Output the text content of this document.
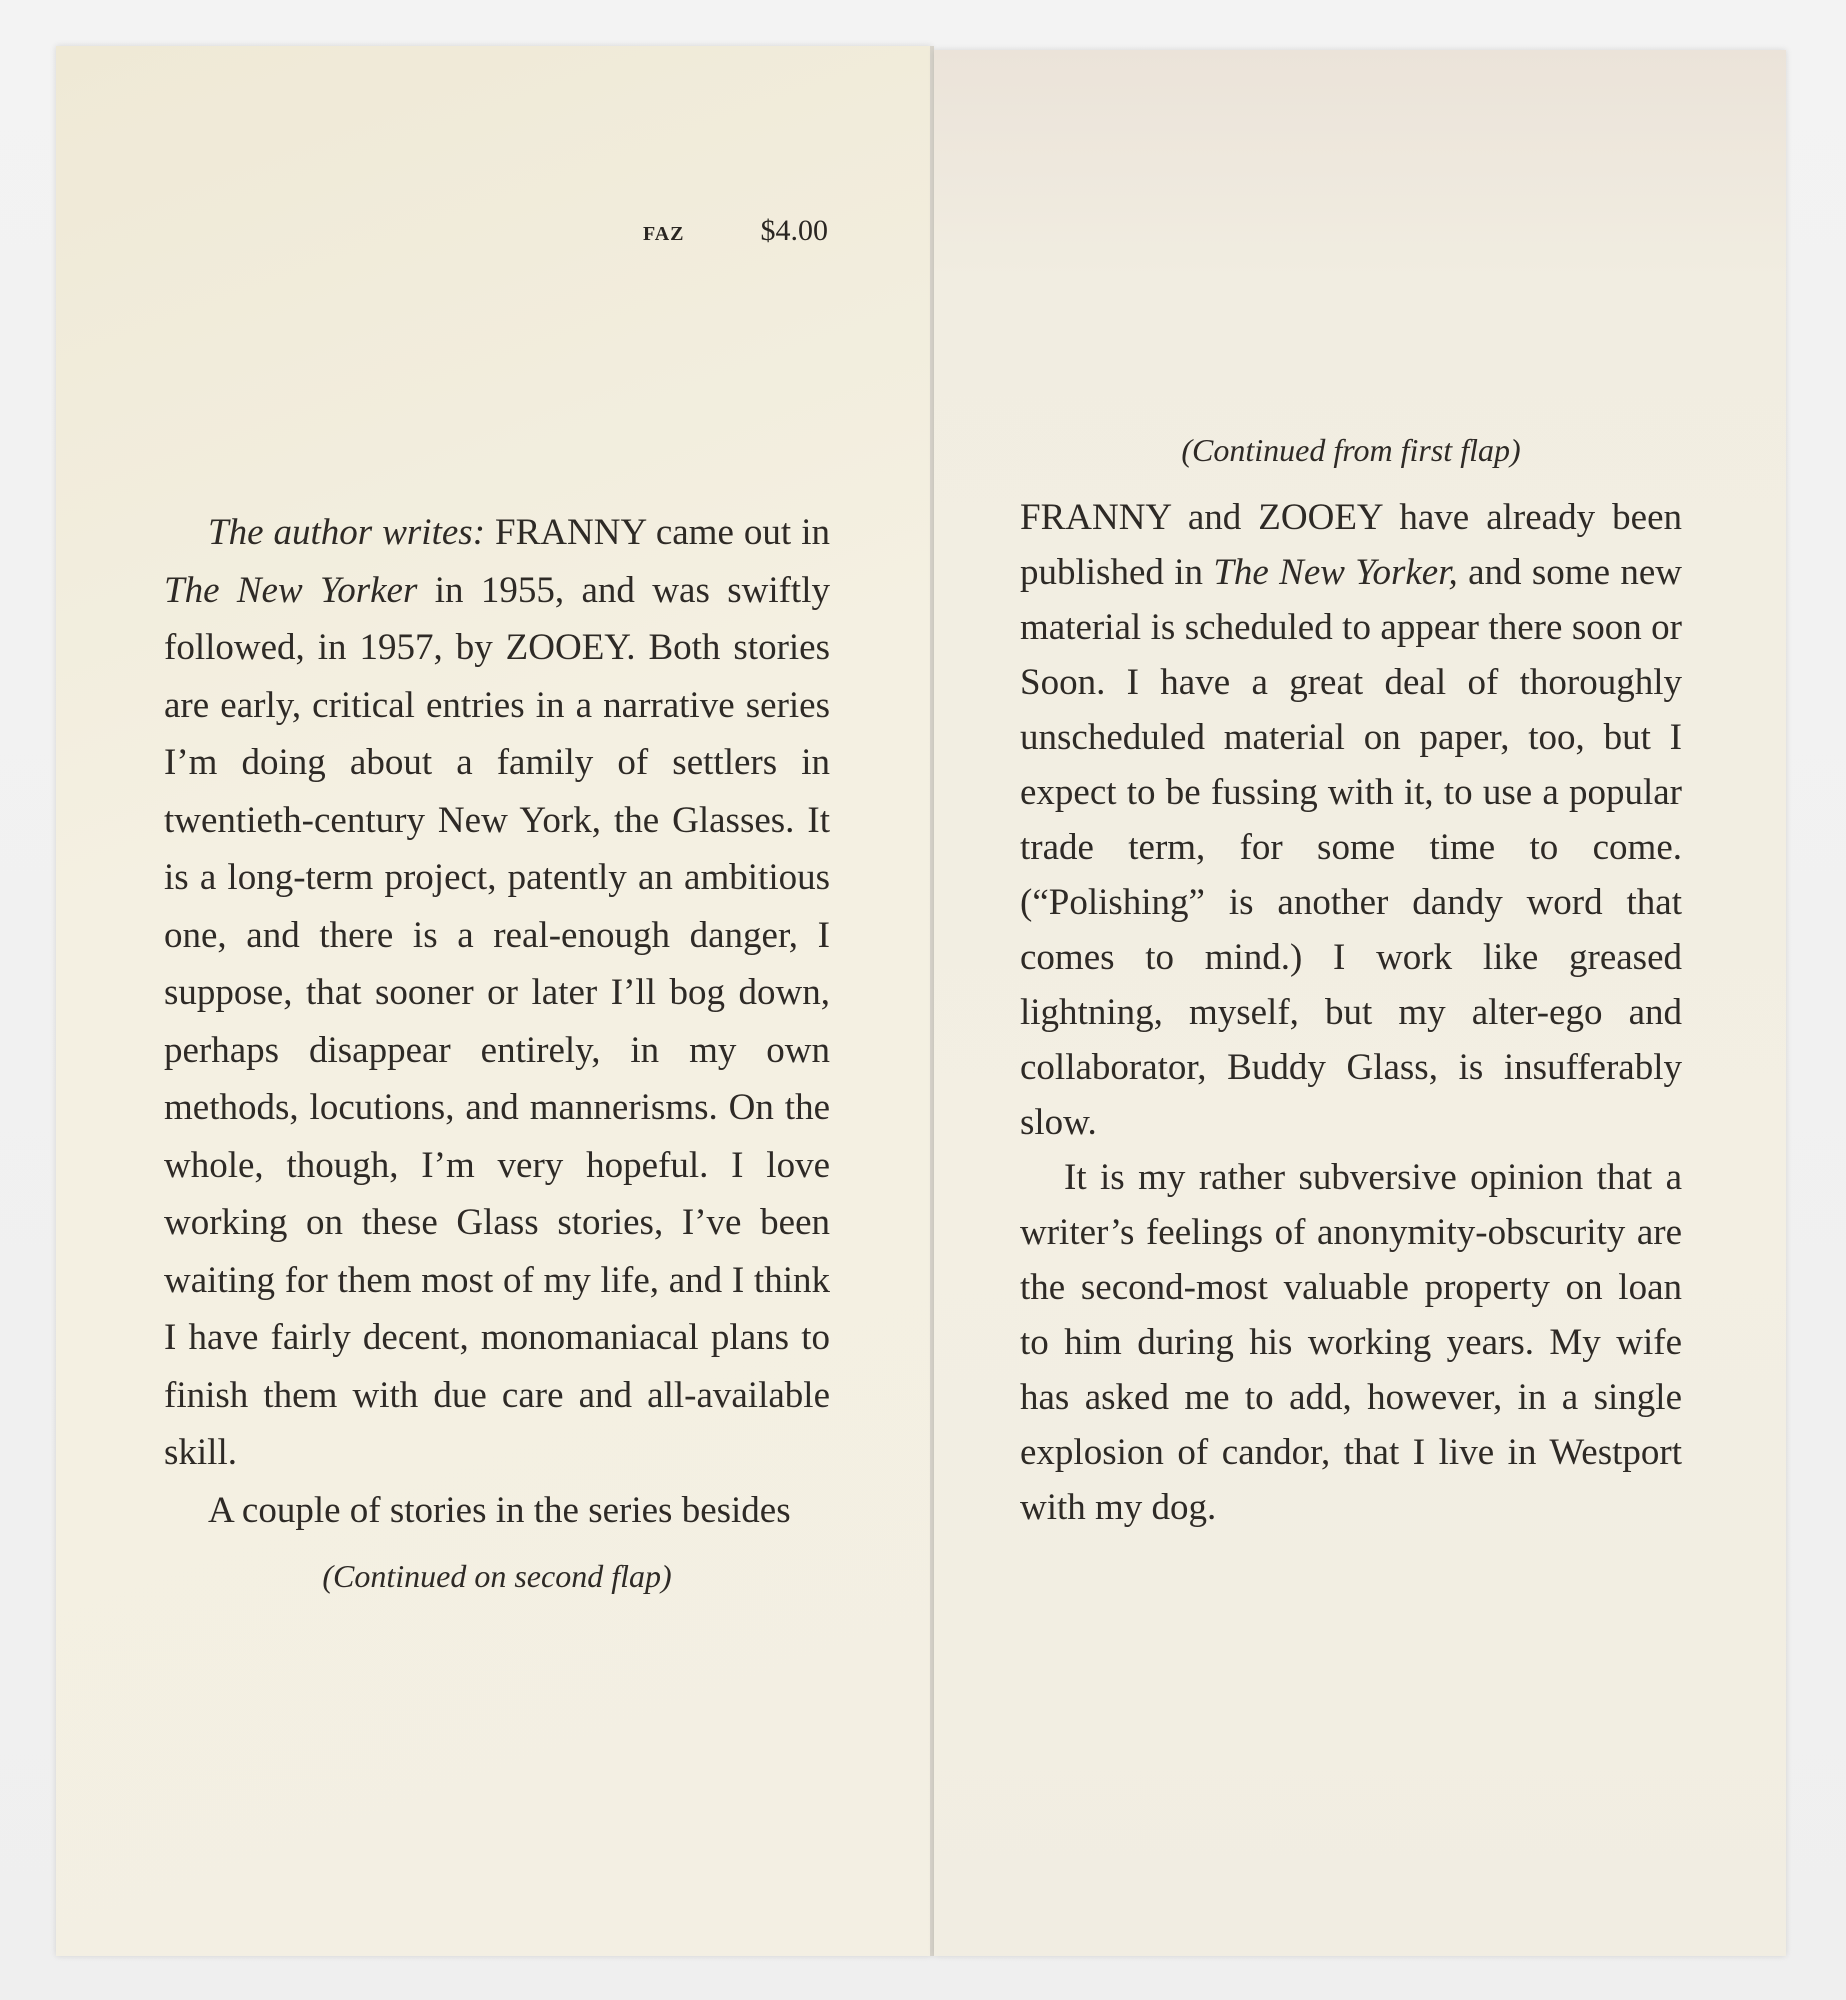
FAZ	$4.00

The author writes: FRANNY came out in The New Yorker in 1955, and was swiftly followed, in 1957, by ZOOEY. Both stories are early, critical entries in a narrative series I’m doing about a family of settlers in twentieth-century New York, the Glasses. It is a long-term project, patently an ambitious one, and there is a real-enough danger, I suppose, that sooner or later I’ll bog down, perhaps disappear entirely, in my own methods, locutions, and mannerisms. On the whole, though, I’m very hopeful. I love working on these Glass stories, I’ve been waiting for them most of my life, and I think I have fairly decent, monomaniacal plans to finish them with due care and all-available skill.

A couple of stories in the series besides

(Continued on second flap)
(Continued from first flap)

FRANNY and ZOOEY have already been published in The New Yorker, and some new material is scheduled to appear there soon or Soon. I have a great deal of thoroughly unscheduled material on paper, too, but I expect to be fussing with it, to use a popular trade term, for some time to come. (“Polishing” is another dandy word that comes to mind.) I work like greased lightning, myself, but my alter-ego and collaborator, Buddy Glass, is insufferably slow.

It is my rather subversive opinion that a writer’s feelings of anonymity-obscurity are the second-most valuable property on loan to him during his working years. My wife has asked me to add, however, in a single explosion of candor, that I live in Westport with my dog.
